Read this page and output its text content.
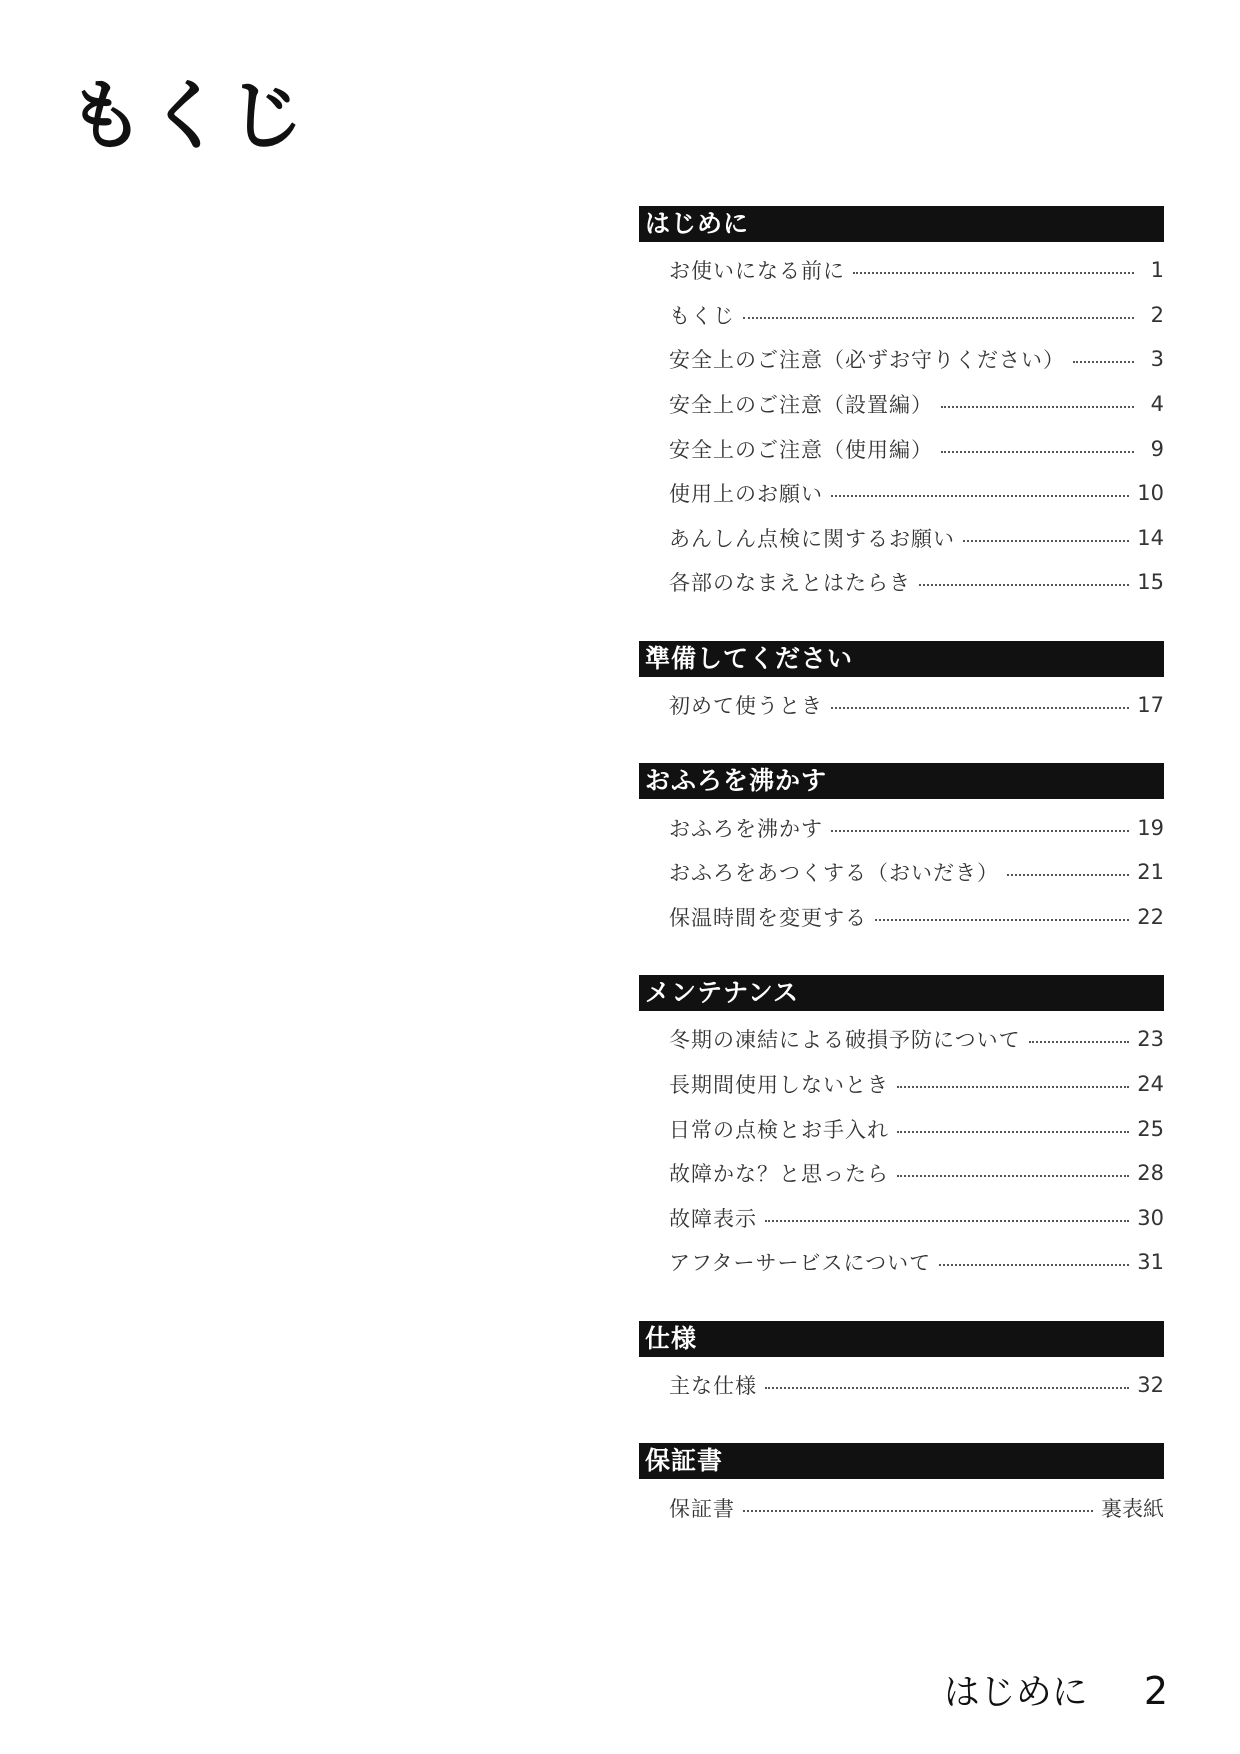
もくじ
はじめに
お使いになる前に	1
もくじ	2
安全上のご注意（必ずお守りください）	3
安全上のご注意（設置編）	4
安全上のご注意（使用編）	9
使用上のお願い	10
あんしん点検に関するお願い	14
各部のなまえとはたらき	15
準備してください
初めて使うとき	17
おふろを沸かす
おふろを沸かす	19
おふろをあつくする（おいだき）	21
保温時間を変更する	22
メンテナンス
冬期の凍結による破損予防について	23
長期間使用しないとき	24
日常の点検とお手入れ	25
故障かな？と思ったら	28
故障表示	30
アフターサービスについて	31
仕様
主な仕様	32
保証書
保証書	裏表紙
はじめに 2
